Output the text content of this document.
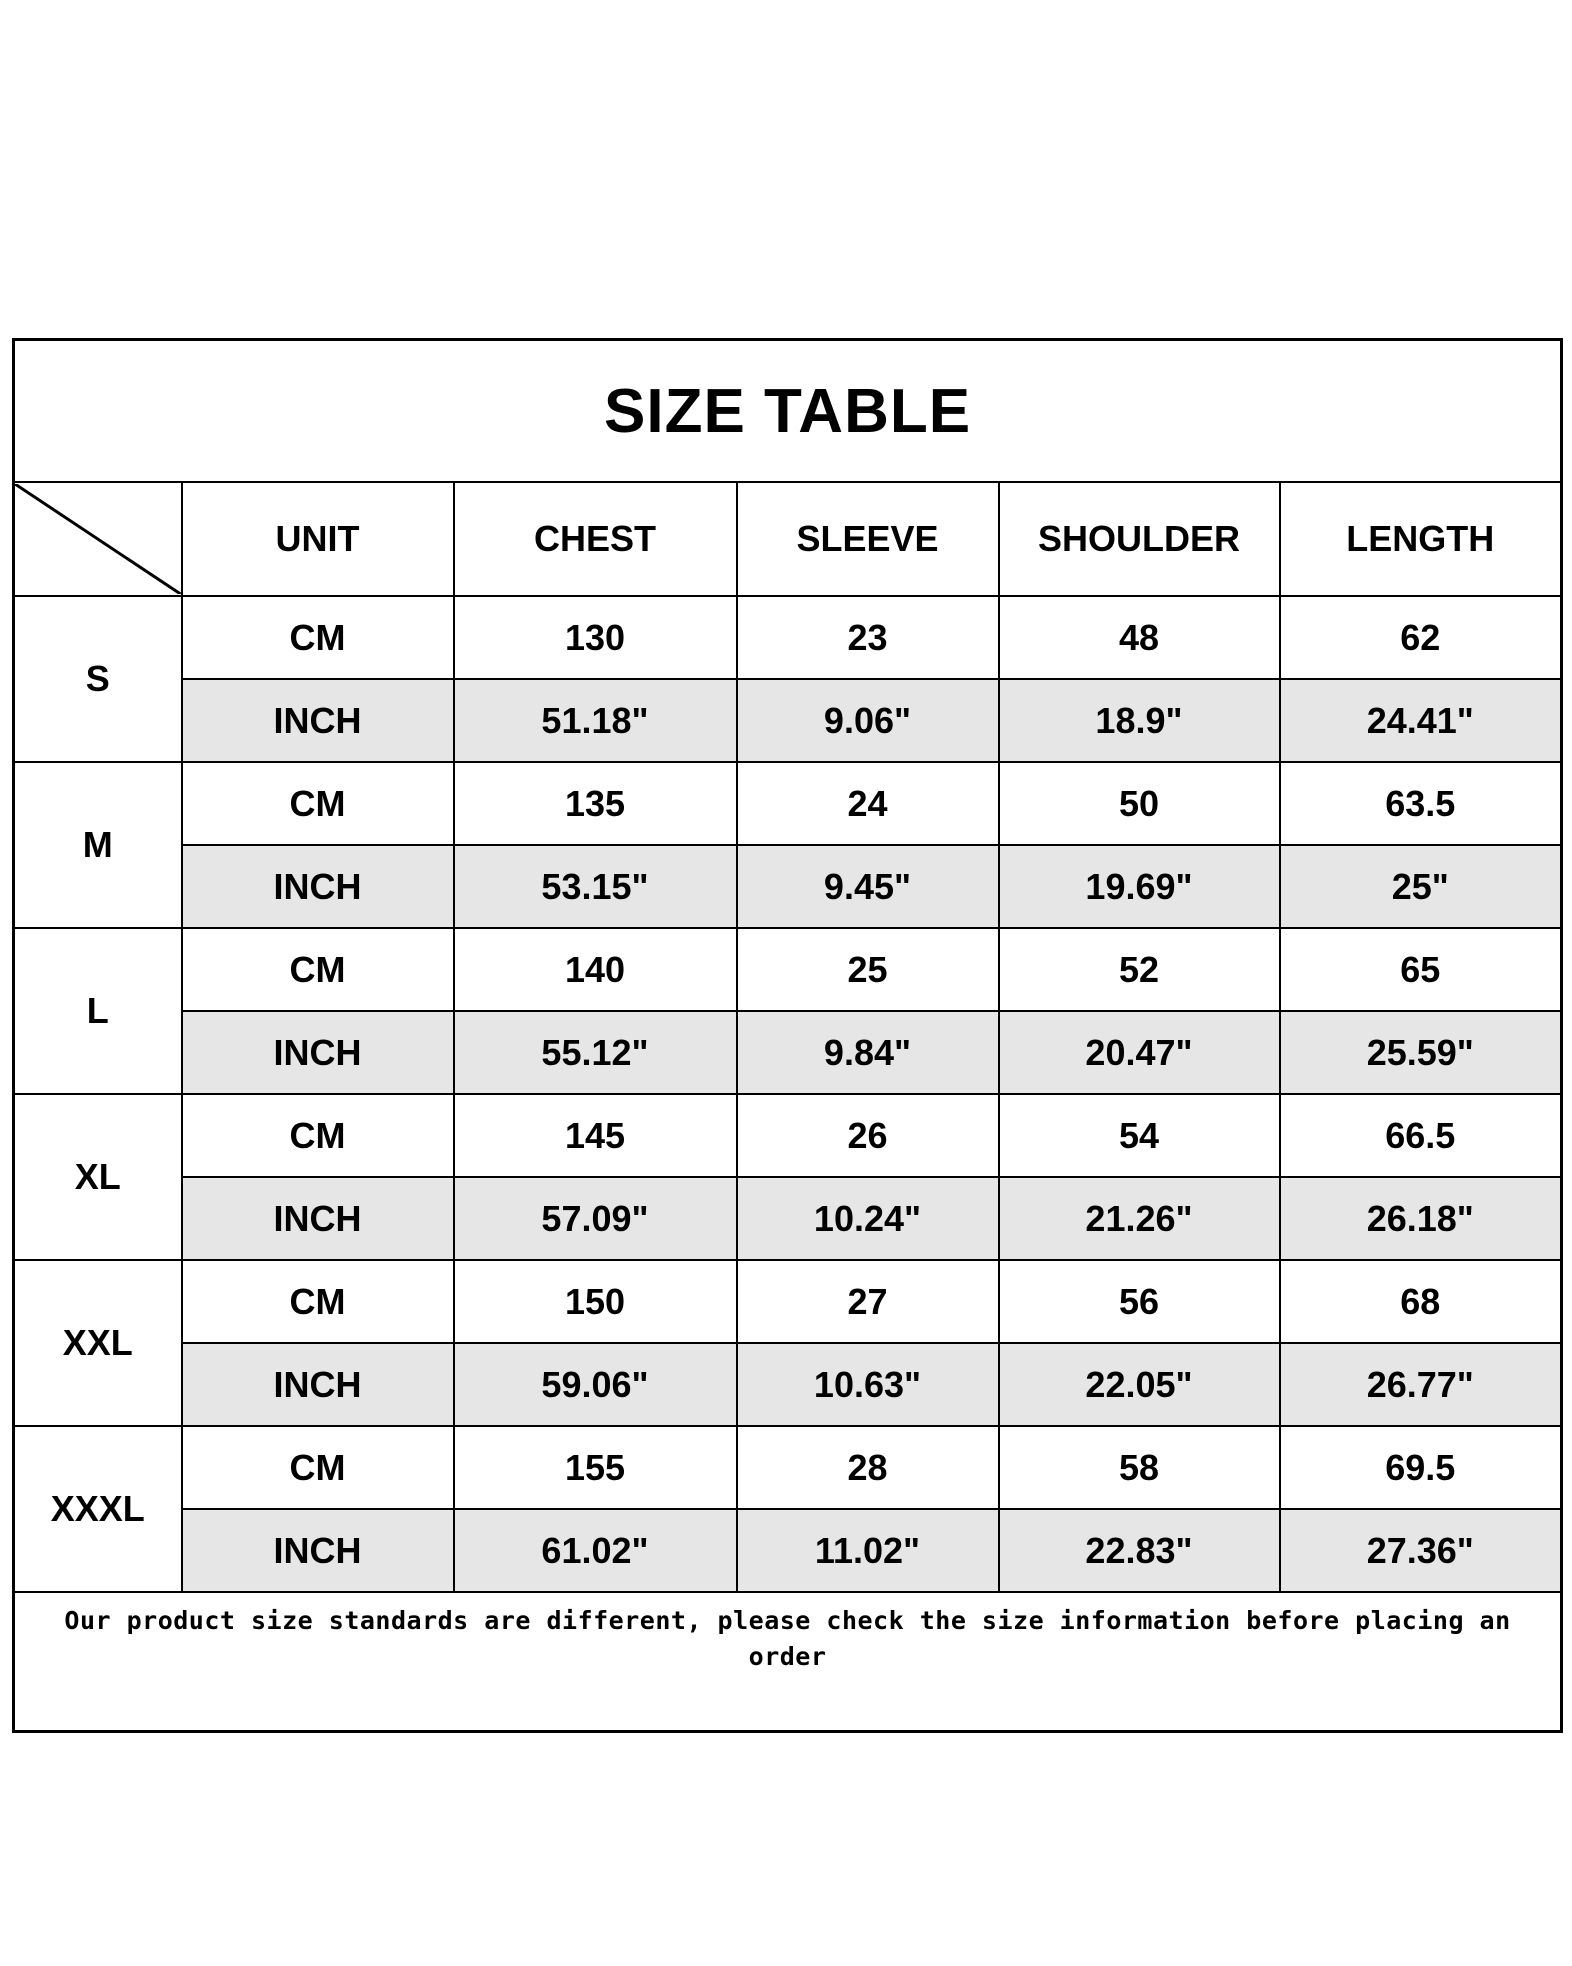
SIZE TABLE					

	UNIT	CHEST	SLEEVE	SHOULDER	LENGTH
S	CM	130	23	48	62
	INCH	51.18"	9.06"	18.9"	24.41"
M	CM	135	24	50	63.5
	INCH	53.15"	9.45"	19.69"	25"
L	CM	140	25	52	65
	INCH	55.12"	9.84"	20.47"	25.59"
XL	CM	145	26	54	66.5
	INCH	57.09"	10.24"	21.26"	26.18"
XXL	CM	150	27	56	68
	INCH	59.06"	10.63"	22.05"	26.77"
XXXL	CM	155	28	58	69.5
	INCH	61.02"	11.02"	22.83"	27.36"
Our product size standards are different, please check the size information before placing an order					
